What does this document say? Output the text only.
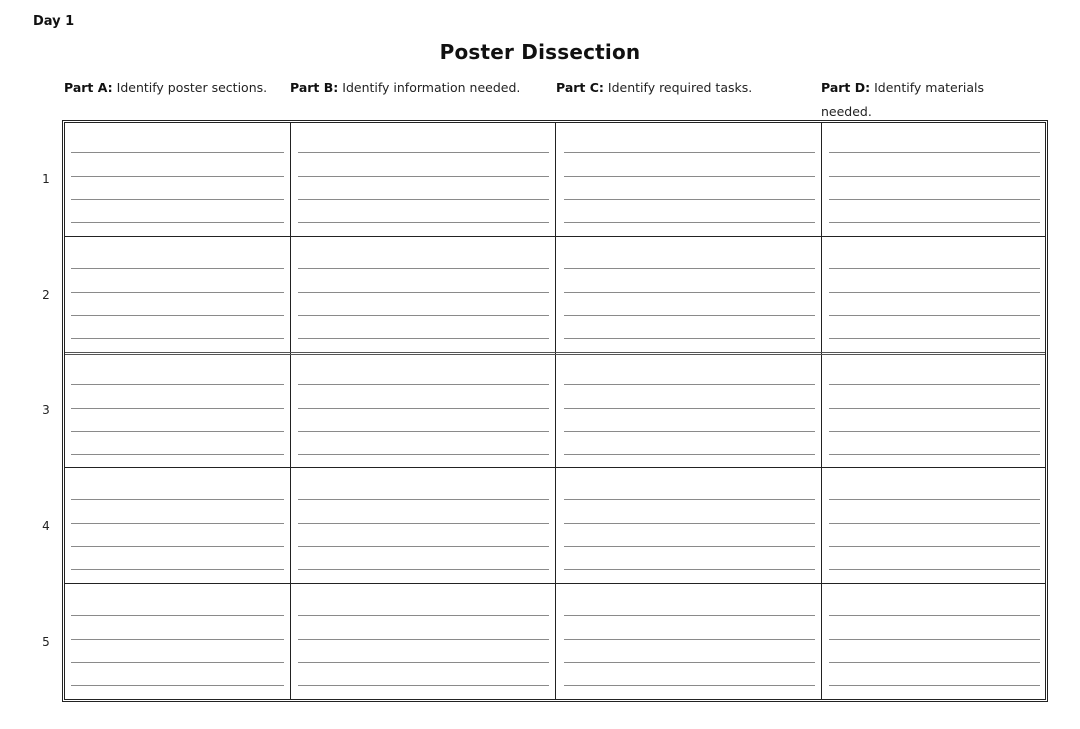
Day 1
Poster Dissection
Part A: Identify poster sections.	Part B: Identify information needed.	Part C: Identify required tasks.	Part D: Identify materials needed.
1
2
3
4
5
